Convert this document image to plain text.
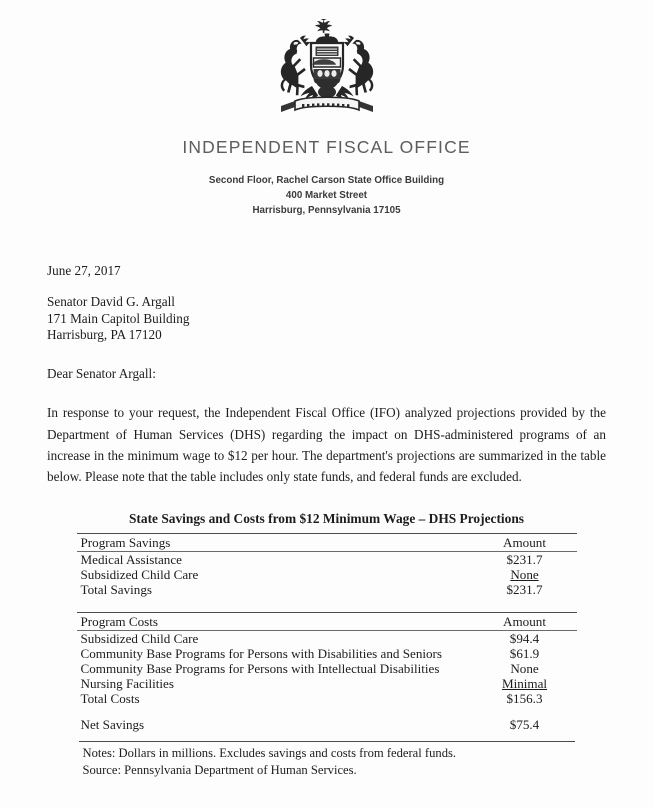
INDEPENDENT FISCAL OFFICE
Second Floor, Rachel Carson State Office Building
400 Market Street
Harrisburg, Pennsylvania 17105
June 27, 2017
Senator David G. Argall
171 Main Capitol Building
Harrisburg, PA 17120
Dear Senator Argall:
In response to your request, the Independent Fiscal Office (IFO) analyzed projections provided by the Department of Human Services (DHS) regarding the impact on DHS-administered programs of an increase in the minimum wage to $12 per hour. The department's projections are summarized in the table below. Please note that the table includes only state funds, and federal funds are excluded.
State Savings and Costs from $12 Minimum Wage – DHS Projections
Program Savings	Amount
Medical Assistance	$231.7
Subsidized Child Care	None
Total Savings	$231.7

Program Costs	Amount
Subsidized Child Care	$94.4
Community Base Programs for Persons with Disabilities and Seniors	$61.9
Community Base Programs for Persons with Intellectual Disabilities	None
Nursing Facilities	Minimal
Total Costs	$156.3

Net Savings	$75.4
Notes: Dollars in millions. Excludes savings and costs from federal funds.
Source: Pennsylvania Department of Human Services.
